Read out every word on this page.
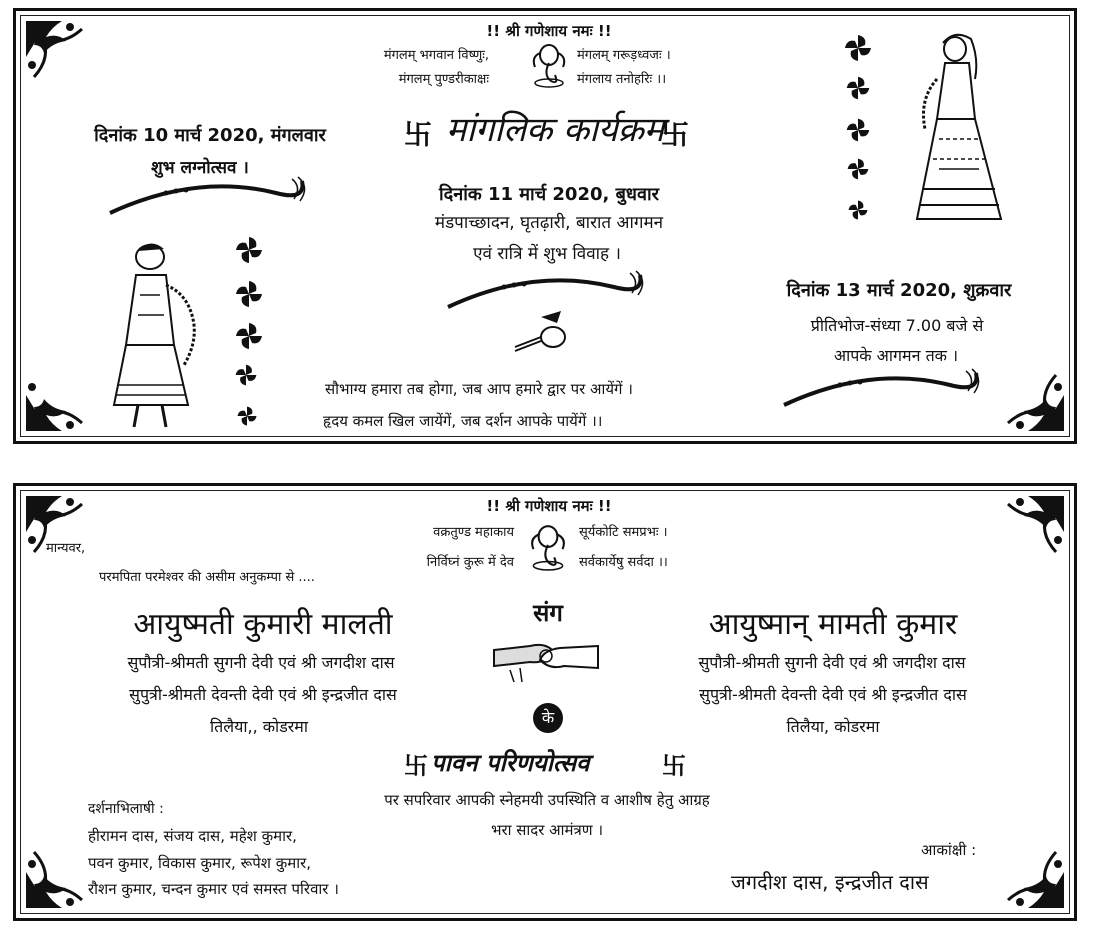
!! श्री गणेशाय नमः !!
मंगलम् भगवान विष्णुः,	मंगलम् गरूड़ध्वजः ।
मंगलम् पुण्डरीकाक्षः	मंगलाय तनोहरिः ।।
卐 मांगलिक कार्यक्रम
卐
दिनांक 10 मार्च 2020, मंगलवार
शुभ लग्नोत्सव ।
दिनांक 11 मार्च 2020, बुधवार
मंडपाच्छादन, घृतढ़ारी, बारात आगमन
एवं रात्रि में शुभ विवाह ।
दिनांक 13 मार्च 2020, शुक्रवार
प्रीतिभोज-संध्या 7.00 बजे से
आपके आगमन तक ।
सौभाग्य हमारा तब होगा, जब आप हमारे द्वार पर आयेंगें ।
हृदय कमल खिल जायेंगें, जब दर्शन आपके पायेंगें ।।
!! श्री गणेशाय नमः !!
वक्रतुण्ड महाकाय	सूर्यकोटि समप्रभः ।
निर्विघ्नं कुरू में देव	सर्वकार्येषु सर्वदा ।।
मान्यवर,
परमपिता परमेश्वर की असीम अनुकम्पा से ....
आयुष्मती कुमारी मालती
सुपौत्री-श्रीमती सुगनी देवी एवं श्री जगदीश दास
सुपुत्री-श्रीमती देवन्ती देवी एवं श्री इन्द्रजीत दास
तिलैया,, कोडरमा
संग
के
आयुष्मान् मामती कुमार
सुपौत्री-श्रीमती सुगनी देवी एवं श्री जगदीश दास
सुपुत्री-श्रीमती देवन्ती देवी एवं श्री इन्द्रजीत दास
तिलैया, कोडरमा
卐 पावन परिणयोत्सव	卐
पर सपरिवार आपकी स्नेहमयी उपस्थिति व आशीष हेतु आग्रह
भरा सादर आमंत्रण ।
दर्शनाभिलाषी :
हीरामन दास, संजय दास, महेश कुमार,
पवन कुमार, विकास कुमार, रूपेश कुमार,
रौशन कुमार, चन्दन कुमार एवं समस्त परिवार ।
आकांक्षी :
जगदीश दास, इन्द्रजीत दास
